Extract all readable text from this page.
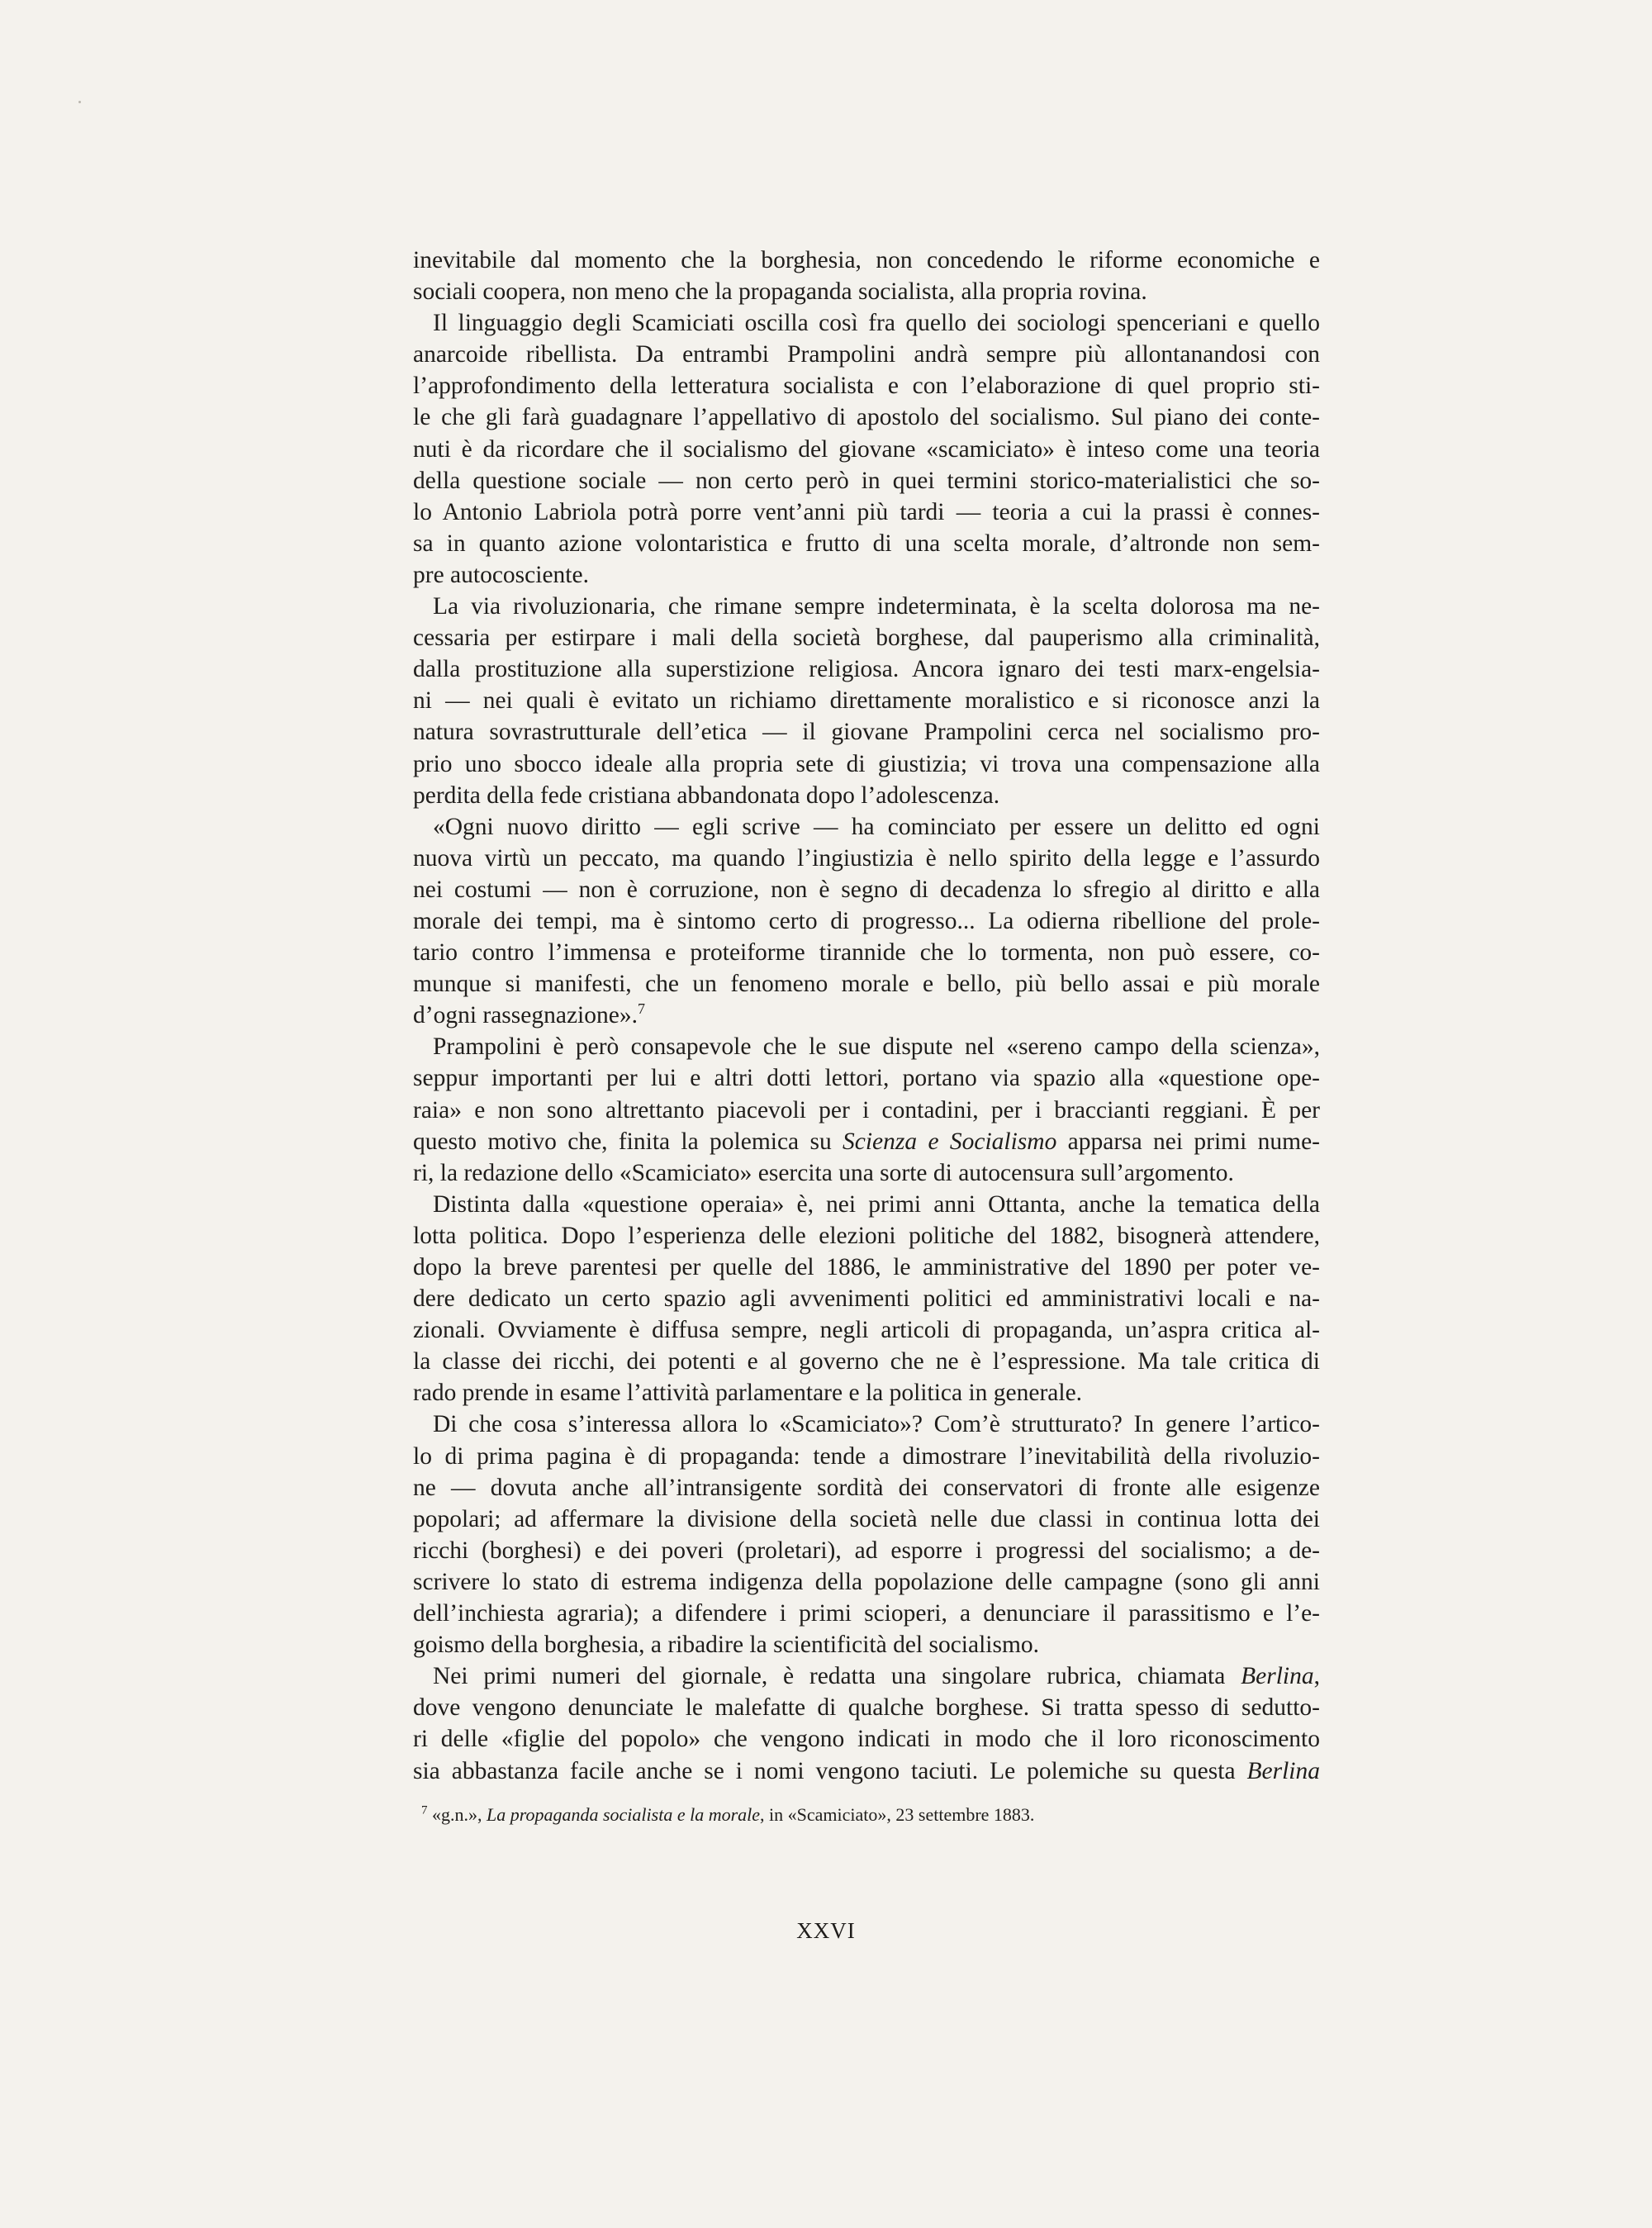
inevitabile dal momento che la borghesia, non concedendo le riforme economiche e
sociali coopera, non meno che la propaganda socialista, alla propria rovina.

Il linguaggio degli Scamiciati oscilla così fra quello dei sociologi spenceriani e quello
anarcoide ribellista. Da entrambi Prampolini andrà sempre più allontanandosi con
l’approfondimento della letteratura socialista e con l’elaborazione di quel proprio sti-
le che gli farà guadagnare l’appellativo di apostolo del socialismo. Sul piano dei conte-
nuti è da ricordare che il socialismo del giovane «scamiciato» è inteso come una teoria
della questione sociale — non certo però in quei termini storico-materialistici che so-
lo Antonio Labriola potrà porre vent’anni più tardi — teoria a cui la prassi è connes-
sa in quanto azione volontaristica e frutto di una scelta morale, d’altronde non sem-
pre autocosciente.

La via rivoluzionaria, che rimane sempre indeterminata, è la scelta dolorosa ma ne-
cessaria per estirpare i mali della società borghese, dal pauperismo alla criminalità,
dalla prostituzione alla superstizione religiosa. Ancora ignaro dei testi marx-engelsia-
ni — nei quali è evitato un richiamo direttamente moralistico e si riconosce anzi la
natura sovrastrutturale dell’etica — il giovane Prampolini cerca nel socialismo pro-
prio uno sbocco ideale alla propria sete di giustizia; vi trova una compensazione alla
perdita della fede cristiana abbandonata dopo l’adolescenza.

«Ogni nuovo diritto — egli scrive — ha cominciato per essere un delitto ed ogni
nuova virtù un peccato, ma quando l’ingiustizia è nello spirito della legge e l’assurdo
nei costumi — non è corruzione, non è segno di decadenza lo sfregio al diritto e alla
morale dei tempi, ma è sintomo certo di progresso... La odierna ribellione del prole-
tario contro l’immensa e proteiforme tirannide che lo tormenta, non può essere, co-
munque si manifesti, che un fenomeno morale e bello, più bello assai e più morale
d’ogni rassegnazione».$^7$

Prampolini è però consapevole che le sue dispute nel «sereno campo della scienza»,
seppur importanti per lui e altri dotti lettori, portano via spazio alla «questione ope-
raia» e non sono altrettanto piacevoli per i contadini, per i braccianti reggiani. È per
questo motivo che, finita la polemica su Scienza e Socialismo apparsa nei primi nume-
ri, la redazione dello «Scamiciato» esercita una sorte di autocensura sull’argomento.

Distinta dalla «questione operaia» è, nei primi anni Ottanta, anche la tematica della
lotta politica. Dopo l’esperienza delle elezioni politiche del 1882, bisognerà attendere,
dopo la breve parentesi per quelle del 1886, le amministrative del 1890 per poter ve-
dere dedicato un certo spazio agli avvenimenti politici ed amministrativi locali e na-
zionali. Ovviamente è diffusa sempre, negli articoli di propaganda, un’aspra critica al-
la classe dei ricchi, dei potenti e al governo che ne è l’espressione. Ma tale critica di
rado prende in esame l’attività parlamentare e la politica in generale.

Di che cosa s’interessa allora lo «Scamiciato»? Com’è strutturato? In genere l’artico-
lo di prima pagina è di propaganda: tende a dimostrare l’inevitabilità della rivoluzio-
ne — dovuta anche all’intransigente sordità dei conservatori di fronte alle esigenze
popolari; ad affermare la divisione della società nelle due classi in continua lotta dei
ricchi (borghesi) e dei poveri (proletari), ad esporre i progressi del socialismo; a de-
scrivere lo stato di estrema indigenza della popolazione delle campagne (sono gli anni
dell’inchiesta agraria); a difendere i primi scioperi, a denunciare il parassitismo e l’e-
goismo della borghesia, a ribadire la scientificità del socialismo.

Nei primi numeri del giornale, è redatta una singolare rubrica, chiamata Berlina,
dove vengono denunciate le malefatte di qualche borghese. Si tratta spesso di sedutto-
ri delle «figlie del popolo» che vengono indicati in modo che il loro riconoscimento
sia abbastanza facile anche se i nomi vengono taciuti. Le polemiche su questa Berlina

$^7$ «g.n.», La propaganda socialista e la morale, in «Scamiciato», 23 settembre 1883.
XXVI
